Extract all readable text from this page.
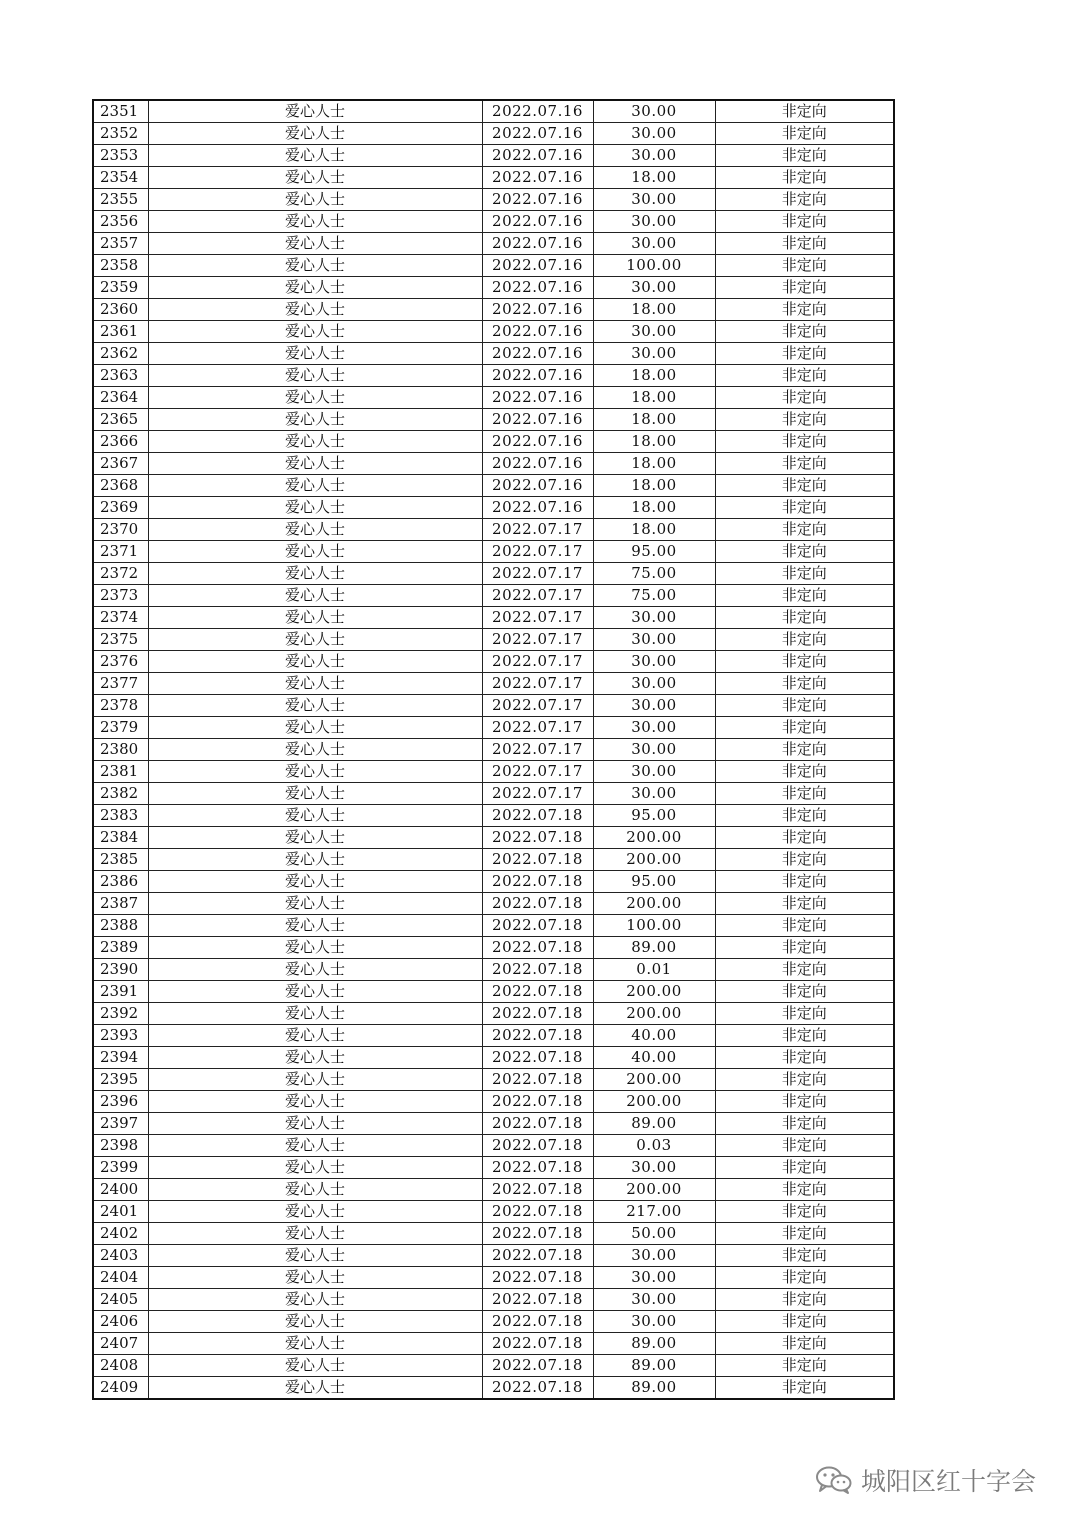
2351	爱心人士	2022.07.16	30.00	非定向
2352	爱心人士	2022.07.16	30.00	非定向
2353	爱心人士	2022.07.16	30.00	非定向
2354	爱心人士	2022.07.16	18.00	非定向
2355	爱心人士	2022.07.16	30.00	非定向
2356	爱心人士	2022.07.16	30.00	非定向
2357	爱心人士	2022.07.16	30.00	非定向
2358	爱心人士	2022.07.16	100.00	非定向
2359	爱心人士	2022.07.16	30.00	非定向
2360	爱心人士	2022.07.16	18.00	非定向
2361	爱心人士	2022.07.16	30.00	非定向
2362	爱心人士	2022.07.16	30.00	非定向
2363	爱心人士	2022.07.16	18.00	非定向
2364	爱心人士	2022.07.16	18.00	非定向
2365	爱心人士	2022.07.16	18.00	非定向
2366	爱心人士	2022.07.16	18.00	非定向
2367	爱心人士	2022.07.16	18.00	非定向
2368	爱心人士	2022.07.16	18.00	非定向
2369	爱心人士	2022.07.16	18.00	非定向
2370	爱心人士	2022.07.17	18.00	非定向
2371	爱心人士	2022.07.17	95.00	非定向
2372	爱心人士	2022.07.17	75.00	非定向
2373	爱心人士	2022.07.17	75.00	非定向
2374	爱心人士	2022.07.17	30.00	非定向
2375	爱心人士	2022.07.17	30.00	非定向
2376	爱心人士	2022.07.17	30.00	非定向
2377	爱心人士	2022.07.17	30.00	非定向
2378	爱心人士	2022.07.17	30.00	非定向
2379	爱心人士	2022.07.17	30.00	非定向
2380	爱心人士	2022.07.17	30.00	非定向
2381	爱心人士	2022.07.17	30.00	非定向
2382	爱心人士	2022.07.17	30.00	非定向
2383	爱心人士	2022.07.18	95.00	非定向
2384	爱心人士	2022.07.18	200.00	非定向
2385	爱心人士	2022.07.18	200.00	非定向
2386	爱心人士	2022.07.18	95.00	非定向
2387	爱心人士	2022.07.18	200.00	非定向
2388	爱心人士	2022.07.18	100.00	非定向
2389	爱心人士	2022.07.18	89.00	非定向
2390	爱心人士	2022.07.18	0.01	非定向
2391	爱心人士	2022.07.18	200.00	非定向
2392	爱心人士	2022.07.18	200.00	非定向
2393	爱心人士	2022.07.18	40.00	非定向
2394	爱心人士	2022.07.18	40.00	非定向
2395	爱心人士	2022.07.18	200.00	非定向
2396	爱心人士	2022.07.18	200.00	非定向
2397	爱心人士	2022.07.18	89.00	非定向
2398	爱心人士	2022.07.18	0.03	非定向
2399	爱心人士	2022.07.18	30.00	非定向
2400	爱心人士	2022.07.18	200.00	非定向
2401	爱心人士	2022.07.18	217.00	非定向
2402	爱心人士	2022.07.18	50.00	非定向
2403	爱心人士	2022.07.18	30.00	非定向
2404	爱心人士	2022.07.18	30.00	非定向
2405	爱心人士	2022.07.18	30.00	非定向
2406	爱心人士	2022.07.18	30.00	非定向
2407	爱心人士	2022.07.18	89.00	非定向
2408	爱心人士	2022.07.18	89.00	非定向
2409	爱心人士	2022.07.18	89.00	非定向
城阳区红十字会
